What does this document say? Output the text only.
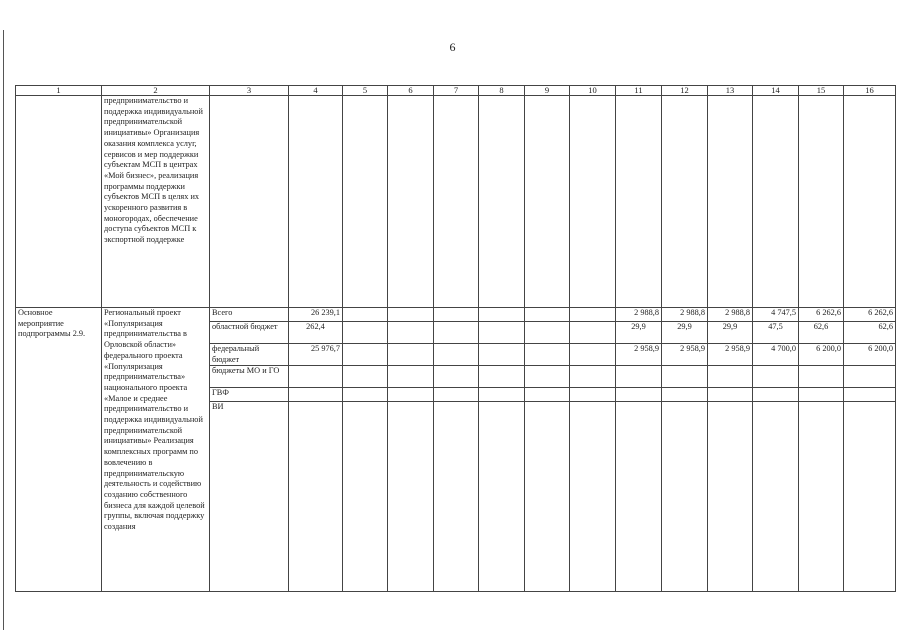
6
1	2	3	4	5	6	7	8	9	10	11	12	13	14	15	16
	предпринимательство и поддержка индивидуальной предпринимательской инициативы» Организация оказания комплекса услуг, сервисов и мер поддержки субъектам МСП в центрах «Мой бизнес», реализация программы поддержки субъектов МСП в целях их ускоренного развития в моногородах, обеспечение доступа субъектов МСП к экспортной поддержке														
Основное мероприятие подпрограммы 2.9.	Региональный проект «Популяризация предпринимательства в Орловской области» федерального проекта «Популяризация предпринимательства» национального проекта «Малое и среднее предпринимательство и поддержка индивидуальной предпринимательской инициативы» Реализация комплексных программ по вовлечению в предпринимательскую деятельность и содействию созданию собственного бизнеса для каждой целевой группы, включая поддержку создания	Всего	26 239,1							2 988,8	2 988,8	2 988,8	4 747,5	6 262,6	6 262,6
		областной бюджет	262,4							29,9	29,9	29,9	47,5	62,6	62,6
		федеральный бюджет	25 976,7							2 958,9	2 958,9	2 958,9	4 700,0	6 200,0	6 200,0
		бюджеты МО и ГО													
		ГВФ													
		ВИ													
